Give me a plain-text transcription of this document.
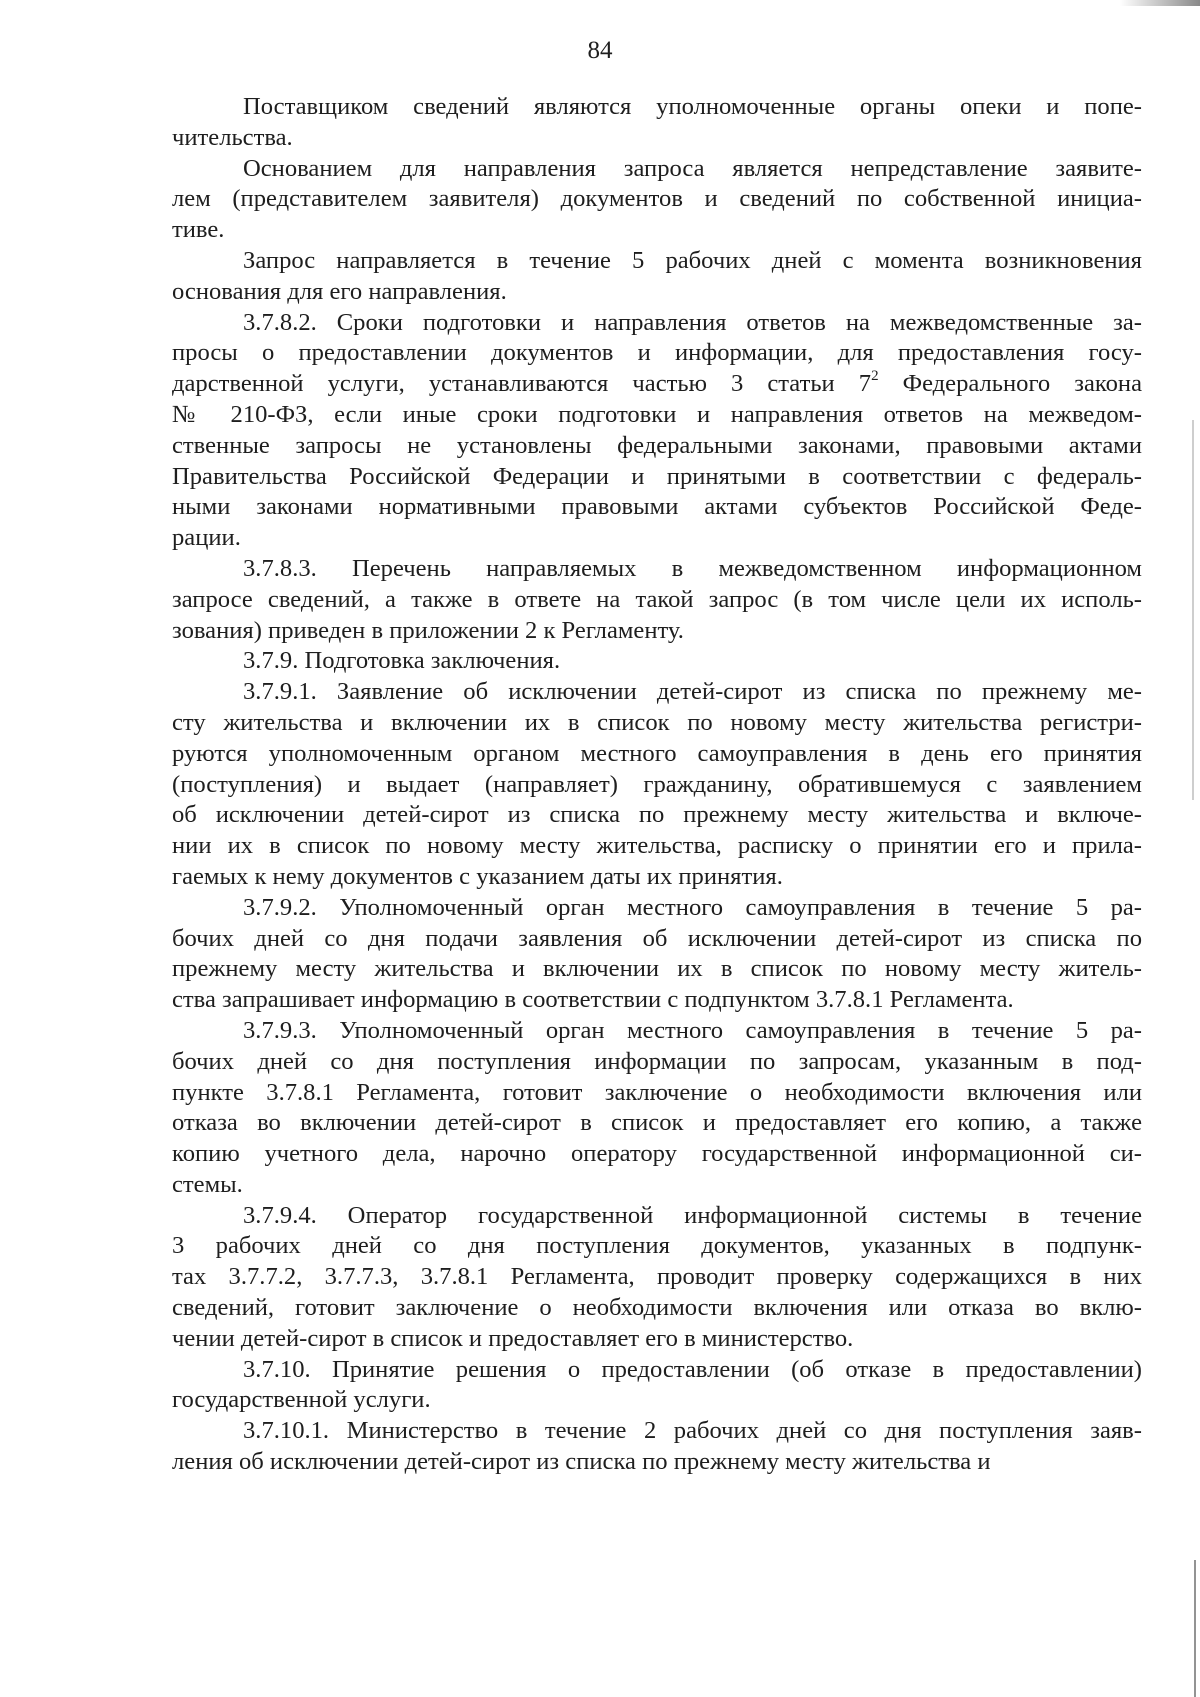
84
Поставщиком сведений являются уполномоченные органы опеки и попе-
чительства.
Основанием для направления запроса является непредставление заявите-
лем (представителем заявителя) документов и сведений по собственной инициа-
тиве.
Запрос направляется в течение 5 рабочих дней с момента возникновения
основания для его направления.
3.7.8.2. Сроки подготовки и направления ответов на межведомственные за-
просы о предоставлении документов и информации, для предоставления госу-
дарственной услуги, устанавливаются частью 3 статьи $7^2$ Федерального закона
№ 210-ФЗ, если иные сроки подготовки и направления ответов на межведом-
ственные запросы не установлены федеральными законами, правовыми актами
Правительства Российской Федерации и принятыми в соответствии с федераль-
ными законами нормативными правовыми актами субъектов Российской Феде-
рации.
3.7.8.3. Перечень направляемых в межведомственном информационном
запросе сведений, а также в ответе на такой запрос (в том числе цели их исполь-
зования) приведен в приложении 2 к Регламенту.
3.7.9. Подготовка заключения.
3.7.9.1. Заявление об исключении детей-сирот из списка по прежнему ме-
сту жительства и включении их в список по новому месту жительства регистри-
руются уполномоченным органом местного самоуправления в день его принятия
(поступления) и выдает (направляет) гражданину, обратившемуся с заявлением
об исключении детей-сирот из списка по прежнему месту жительства и включе-
нии их в список по новому месту жительства, расписку о принятии его и прила-
гаемых к нему документов с указанием даты их принятия.
3.7.9.2. Уполномоченный орган местного самоуправления в течение 5 ра-
бочих дней со дня подачи заявления об исключении детей-сирот из списка по
прежнему месту жительства и включении их в список по новому месту житель-
ства запрашивает информацию в соответствии с подпунктом 3.7.8.1 Регламента.
3.7.9.3. Уполномоченный орган местного самоуправления в течение 5 ра-
бочих дней со дня поступления информации по запросам, указанным в под-
пункте 3.7.8.1 Регламента, готовит заключение о необходимости включения или
отказа во включении детей-сирот в список и предоставляет его копию, а также
копию учетного дела, нарочно оператору государственной информационной си-
стемы.
3.7.9.4. Оператор государственной информационной системы в течение
3 рабочих дней со дня поступления документов, указанных в подпунк-
тах 3.7.7.2, 3.7.7.3, 3.7.8.1 Регламента, проводит проверку содержащихся в них
сведений, готовит заключение о необходимости включения или отказа во вклю-
чении детей-сирот в список и предоставляет его в министерство.
3.7.10. Принятие решения о предоставлении (об отказе в предоставлении)
государственной услуги.
3.7.10.1. Министерство в течение 2 рабочих дней со дня поступления заяв-
ления об исключении детей-сирот из списка по прежнему месту жительства и
